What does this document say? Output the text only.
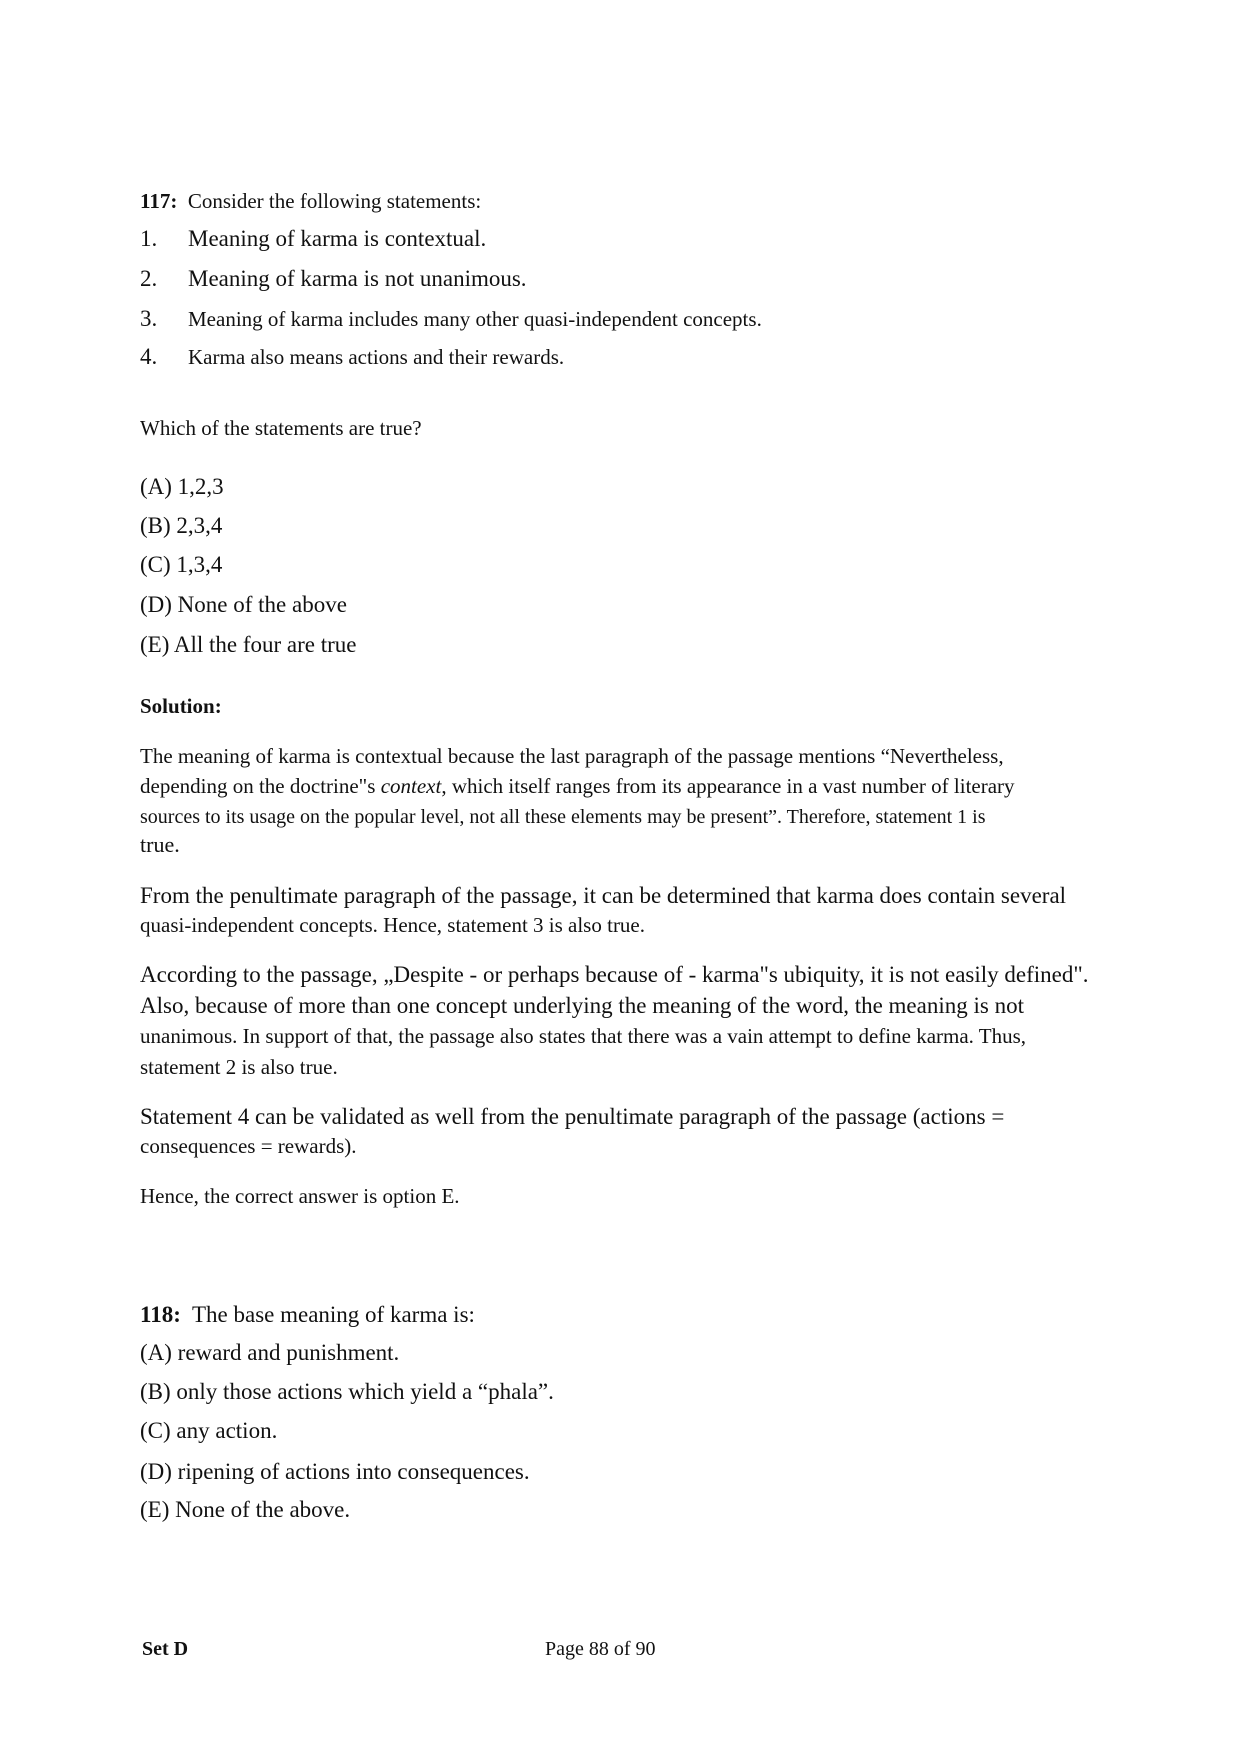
117: Consider the following statements:
1. Meaning of karma is contextual.
2. Meaning of karma is not unanimous.
3. Meaning of karma includes many other quasi-independent concepts.
4. Karma also means actions and their rewards.
Which of the statements are true?
(A) 1,2,3
(B) 2,3,4
(C) 1,3,4
(D) None of the above
(E) All the four are true
Solution:
The meaning of karma is contextual because the last paragraph of the passage mentions “Nevertheless,
depending on the doctrine"s context, which itself ranges from its appearance in a vast number of literary
sources to its usage on the popular level, not all these elements may be present”. Therefore, statement 1 is
true.
From the penultimate paragraph of the passage, it can be determined that karma does contain several
quasi-independent concepts. Hence, statement 3 is also true.
According to the passage, „Despite - or perhaps because of - karma"s ubiquity, it is not easily defined".
Also, because of more than one concept underlying the meaning of the word, the meaning is not
unanimous. In support of that, the passage also states that there was a vain attempt to define karma. Thus,
statement 2 is also true.
Statement 4 can be validated as well from the penultimate paragraph of the passage (actions =
consequences = rewards).
Hence, the correct answer is option E.
118: The base meaning of karma is:
(A) reward and punishment.
(B) only those actions which yield a “phala”.
(C) any action.
(D) ripening of actions into consequences.
(E) None of the above.
Set D	Page 88 of 90
